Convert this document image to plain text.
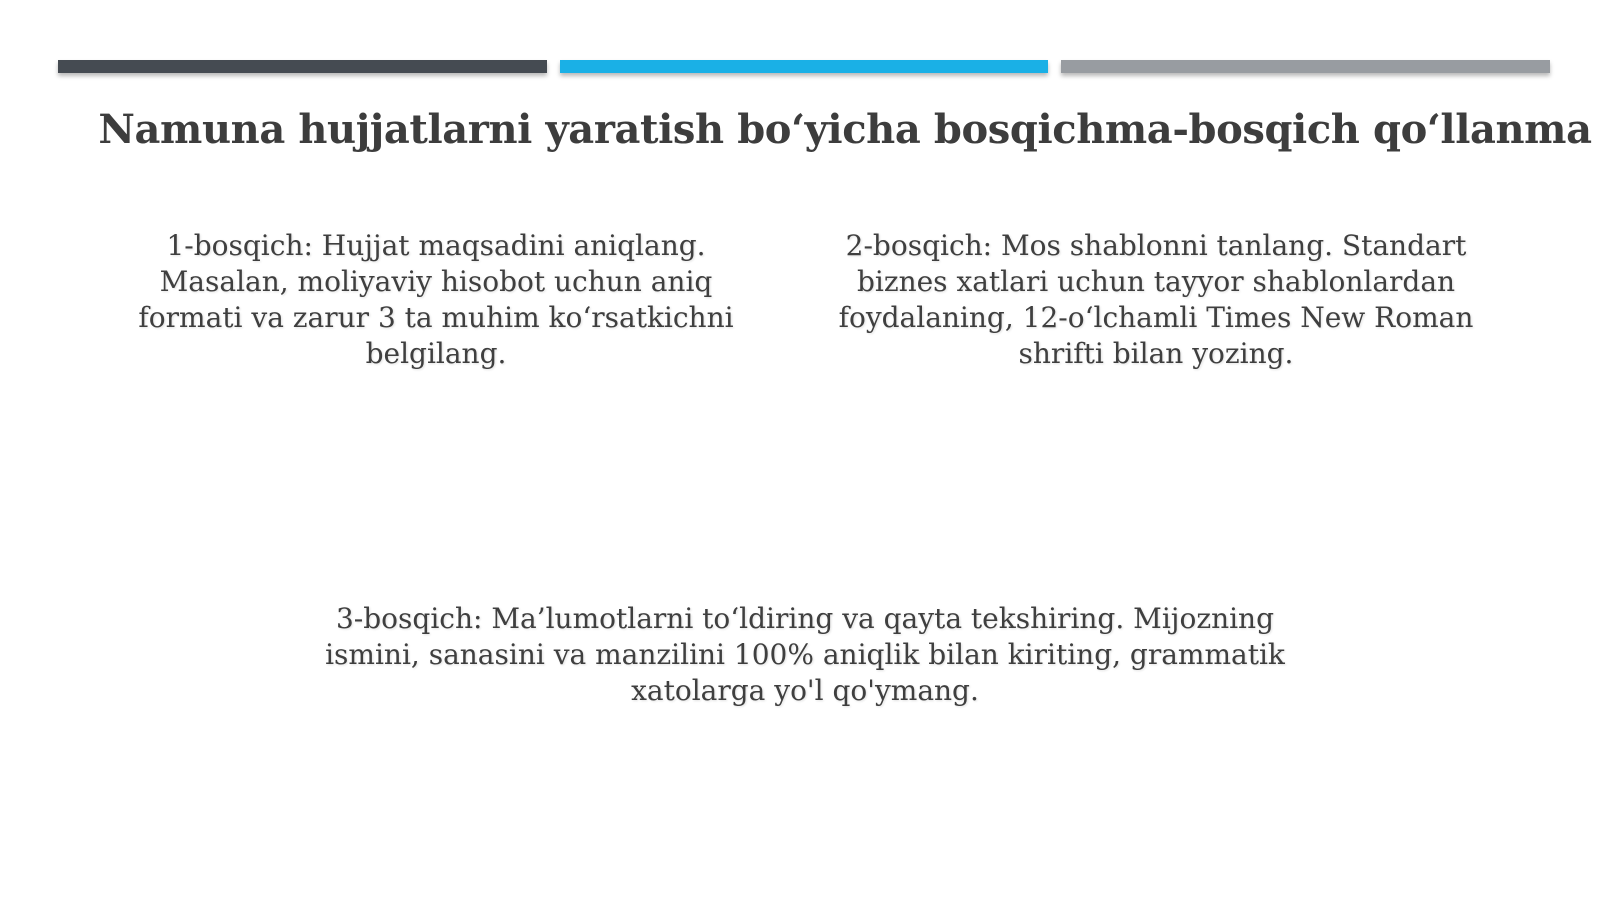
Namuna hujjatlarni yaratish bo‘yicha bosqichma-bosqich qo‘llanma
1-bosqich: Hujjat maqsadini aniqlang. Masalan, moliyaviy hisobot uchun aniq formati va zarur 3 ta muhim ko‘rsatkichni belgilang.
2-bosqich: Mos shablonni tanlang. Standart biznes xatlari uchun tayyor shablonlardan foydalaning, 12-o‘lchamli Times New Roman shrifti bilan yozing.
3-bosqich: Ma’lumotlarni to‘ldiring va qayta tekshiring. Mijozning ismini, sanasini va manzilini 100% aniqlik bilan kiriting, grammatik xatolarga yo'l qo'ymang.
